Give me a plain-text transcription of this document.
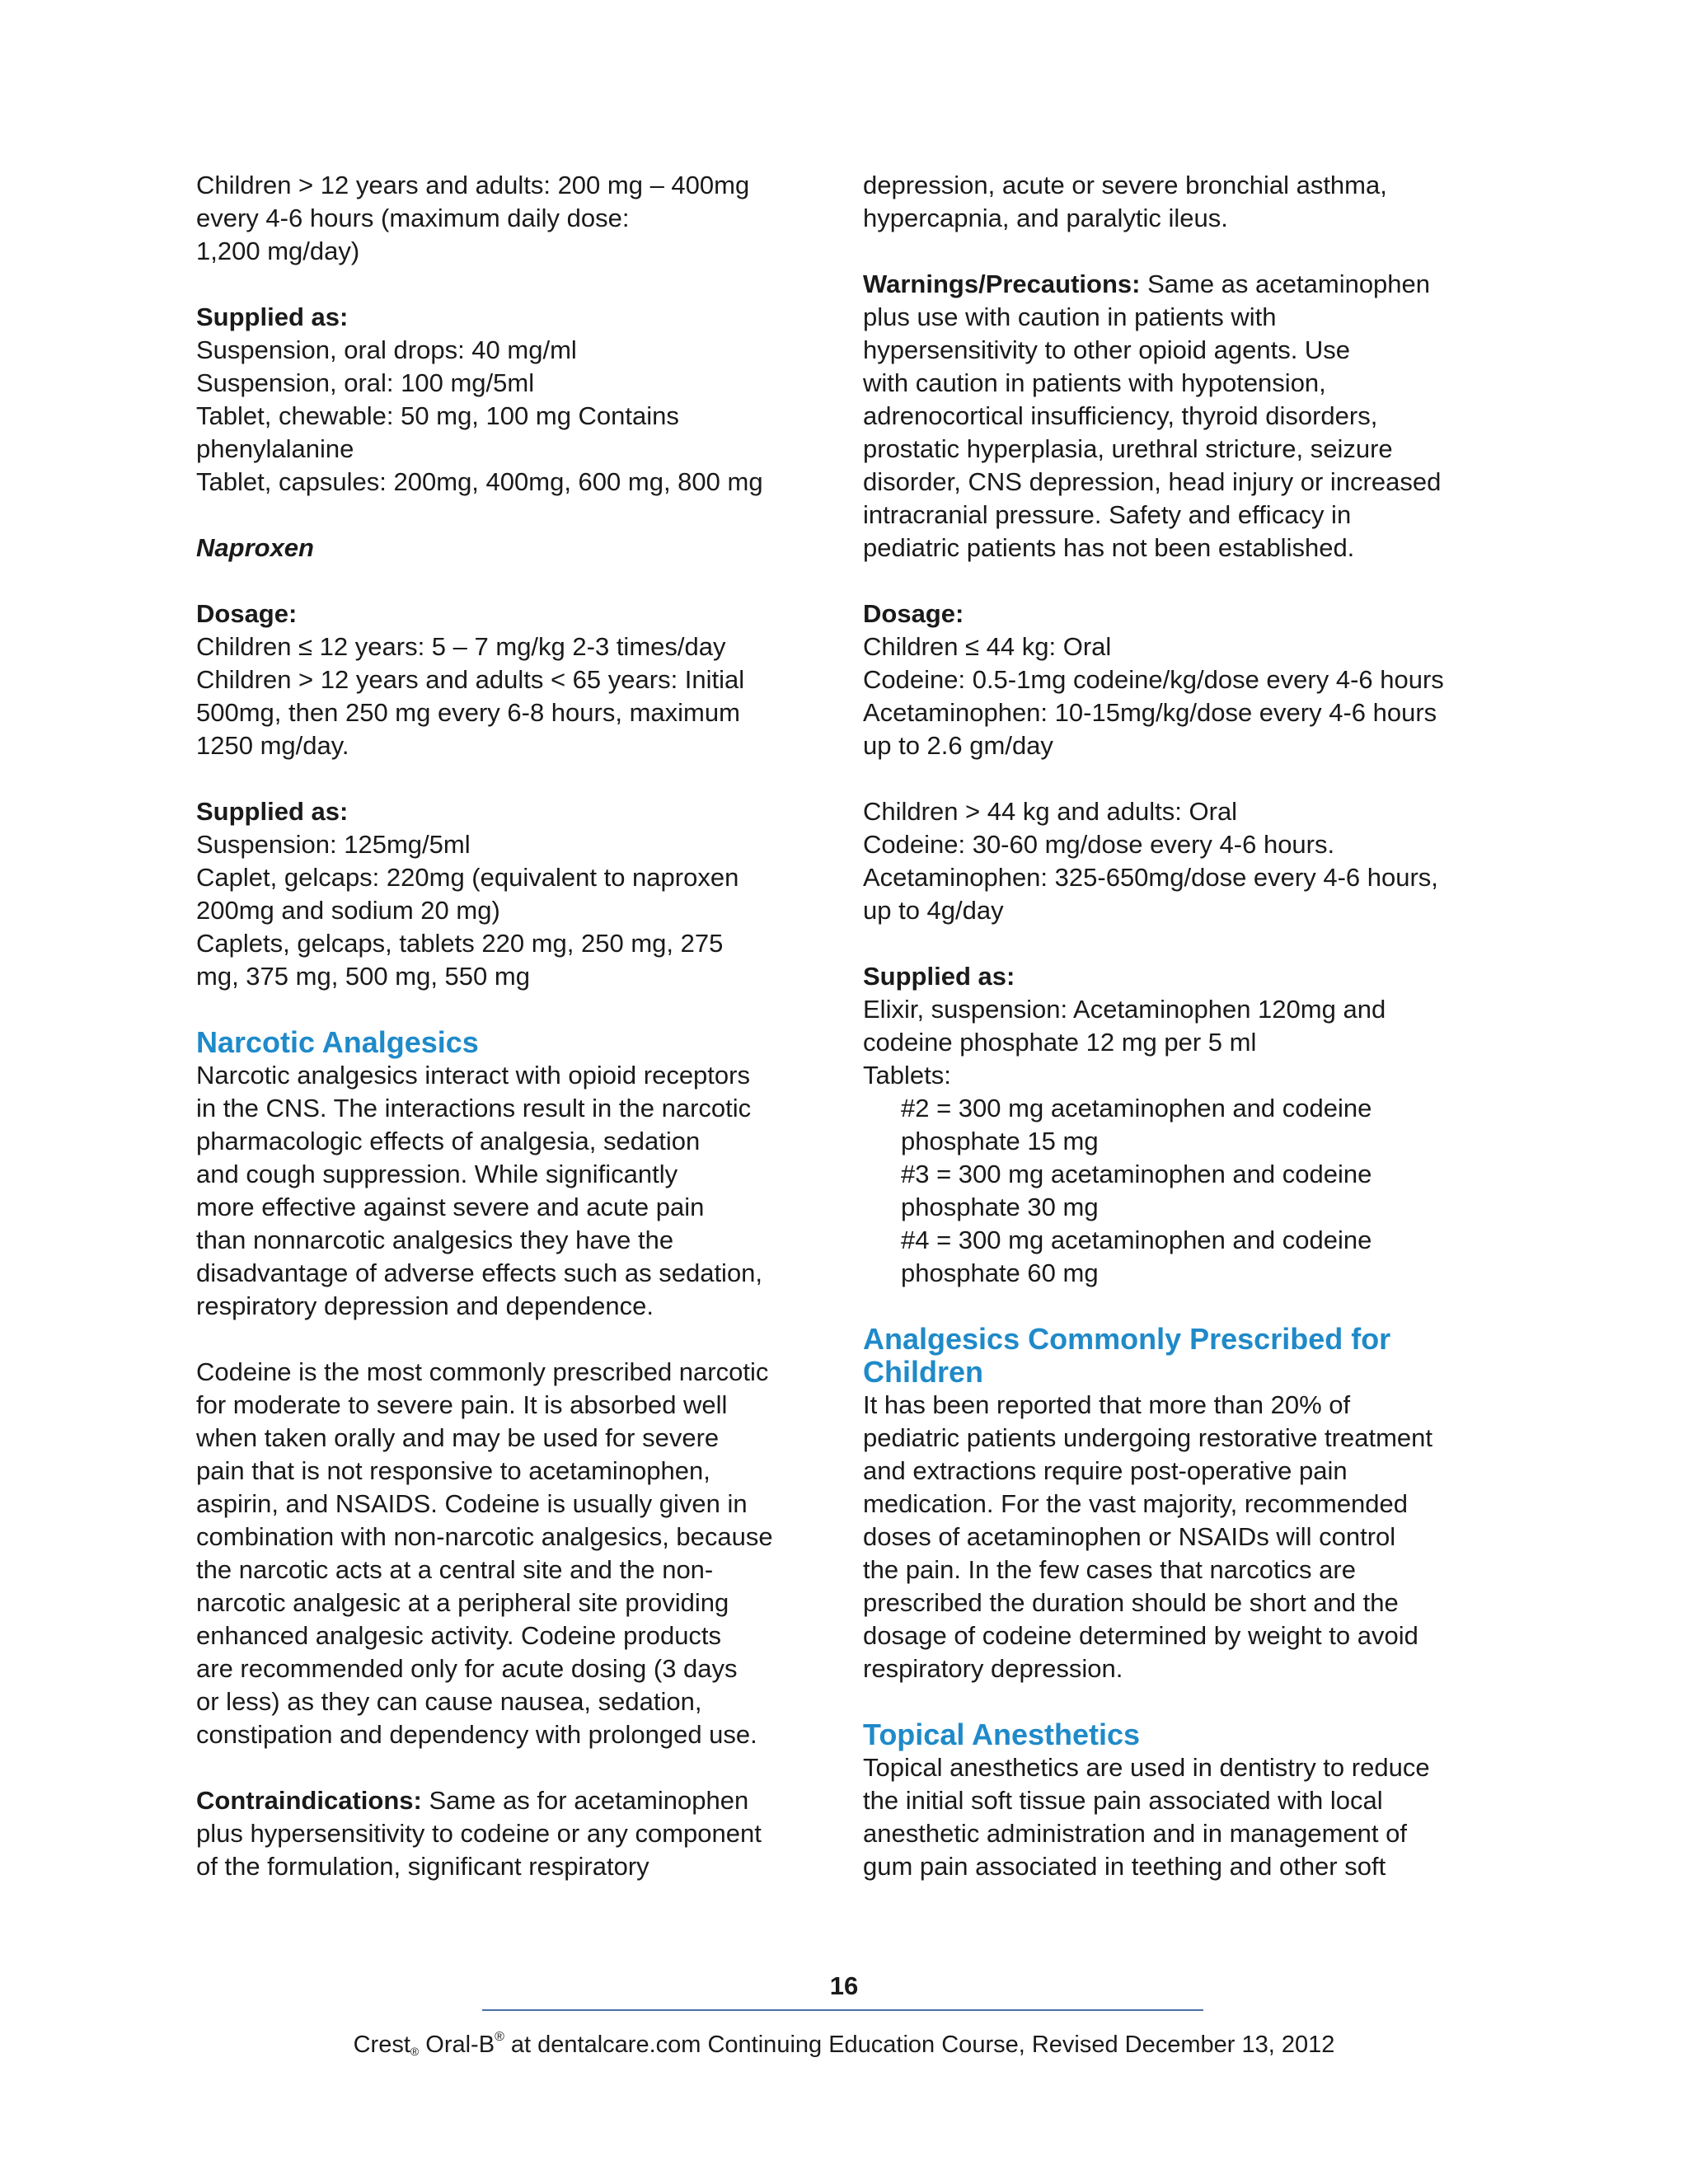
Children > 12 years and adults: 200 mg – 400mg
every 4-6 hours (maximum daily dose:
1,200 mg/day)
Supplied as:
Suspension, oral drops: 40 mg/ml
Suspension, oral: 100 mg/5ml
Tablet, chewable: 50 mg, 100 mg Contains
phenylalanine
Tablet, capsules: 200mg, 400mg, 600 mg, 800 mg
Naproxen
Dosage:
Children ≤ 12 years: 5 – 7 mg/kg 2-3 times/day
Children > 12 years and adults < 65 years: Initial
500mg, then 250 mg every 6-8 hours, maximum
1250 mg/day.
Supplied as:
Suspension: 125mg/5ml
Caplet, gelcaps: 220mg (equivalent to naproxen
200mg and sodium 20 mg)
Caplets, gelcaps, tablets 220 mg, 250 mg, 275
mg, 375 mg, 500 mg, 550 mg
Narcotic Analgesics
Narcotic analgesics interact with opioid receptors
in the CNS. The interactions result in the narcotic
pharmacologic effects of analgesia, sedation
and cough suppression. While significantly
more effective against severe and acute pain
than nonnarcotic analgesics they have the
disadvantage of adverse effects such as sedation,
respiratory depression and dependence.
Codeine is the most commonly prescribed narcotic
for moderate to severe pain. It is absorbed well
when taken orally and may be used for severe
pain that is not responsive to acetaminophen,
aspirin, and NSAIDS. Codeine is usually given in
combination with non-narcotic analgesics, because
the narcotic acts at a central site and the non-
narcotic analgesic at a peripheral site providing
enhanced analgesic activity. Codeine products
are recommended only for acute dosing (3 days
or less) as they can cause nausea, sedation,
constipation and dependency with prolonged use.
Contraindications: Same as for acetaminophen
plus hypersensitivity to codeine or any component
of the formulation, significant respiratory
depression, acute or severe bronchial asthma,
hypercapnia, and paralytic ileus.
Warnings/Precautions: Same as acetaminophen
plus use with caution in patients with
hypersensitivity to other opioid agents. Use
with caution in patients with hypotension,
adrenocortical insufficiency, thyroid disorders,
prostatic hyperplasia, urethral stricture, seizure
disorder, CNS depression, head injury or increased
intracranial pressure. Safety and efficacy in
pediatric patients has not been established.
Dosage:
Children ≤ 44 kg: Oral
Codeine: 0.5-1mg codeine/kg/dose every 4-6 hours
Acetaminophen: 10-15mg/kg/dose every 4-6 hours
up to 2.6 gm/day
Children > 44 kg and adults: Oral
Codeine: 30-60 mg/dose every 4-6 hours.
Acetaminophen: 325-650mg/dose every 4-6 hours,
up to 4g/day
Supplied as:
Elixir, suspension: Acetaminophen 120mg and
codeine phosphate 12 mg per 5 ml
Tablets:
#2 = 300 mg acetaminophen and codeine
phosphate 15 mg
#3 = 300 mg acetaminophen and codeine
phosphate 30 mg
#4 = 300 mg acetaminophen and codeine
phosphate 60 mg
Analgesics Commonly Prescribed for
Children
It has been reported that more than 20% of
pediatric patients undergoing restorative treatment
and extractions require post-operative pain
medication. For the vast majority, recommended
doses of acetaminophen or NSAIDs will control
the pain. In the few cases that narcotics are
prescribed the duration should be short and the
dosage of codeine determined by weight to avoid
respiratory depression.
Topical Anesthetics
Topical anesthetics are used in dentistry to reduce
the initial soft tissue pain associated with local
anesthetic administration and in management of
gum pain associated in teething and other soft
16
Crest$_®$ Oral-B® at dentalcare.com Continuing Education Course, Revised December 13, 2012
